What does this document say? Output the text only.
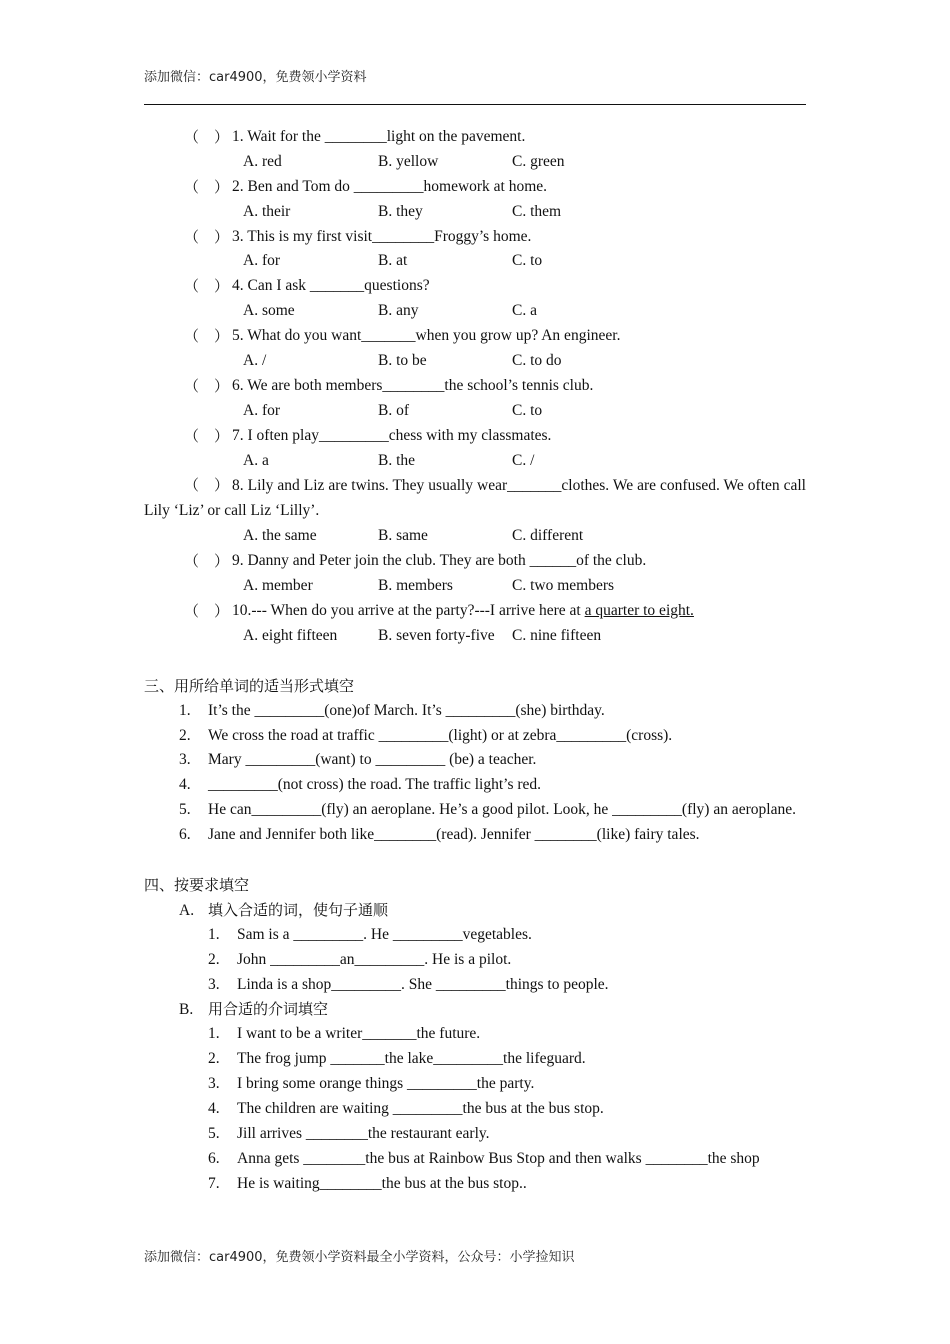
添加微信：car4900，免费领小学资料
（　） 1. Wait for the ________light on the pavement.
A. red	B. yellow	C. green
（　） 2. Ben and Tom do _________homework at home.
A. their	B. they	C. them
（　） 3. This is my first visit________Froggy’s home.
A. for	B. at	C. to
（　） 4. Can I ask _______questions?
A. some	B. any	C. a
（　） 5. What do you want_______when you grow up? An engineer.
A. /	B. to be	C. to do
（　） 6. We are both members________the school’s tennis club.
A. for	B. of	C. to
（　） 7. I often play_________chess with my classmates.
A. a	B. the	C. /
（　） 8. Lily and Liz are twins. They usually wear_______clothes. We are confused. We often call Lily ‘Liz’ or call Liz ‘Lilly’.
A. the same	B. same	C. different
（　） 9. Danny and Peter join the club. They are both ______of the club.
A. member	B. members	C. two members
（　） 10.--- When do you arrive at the party?---I arrive here at a quarter to eight.
A. eight fifteen	B. seven forty-five	C. nine fifteen
三、用所给单词的适当形式填空
1. It’s the _________(one)of March. It’s _________(she) birthday.
2. We cross the road at traffic _________(light) or at zebra_________(cross).
3. Mary _________(want) to _________ (be) a teacher.
4. _________(not cross) the road. The traffic light’s red.
5.	He can_________(fly) an aeroplane. He’s a good pilot. Look, he _________(fly) an aeroplane.
6. Jane and Jennifer both like________(read). Jennifer ________(like) fairy tales.
四、按要求填空
A. 填入合适的词，使句子通顺
1. Sam is a _________. He _________vegetables.
2. John _________an_________. He is a pilot.
3. Linda is a shop_________. She _________things to people.
B. 用合适的介词填空
1. I want to be a writer_______the future.
2. The frog jump _______the lake_________the lifeguard.
3. I bring some orange things _________the party.
4. The children are waiting _________the bus at the bus stop.
5. Jill arrives ________the restaurant early.
6. Anna gets ________the bus at Rainbow Bus Stop and then walks ________the shop
7. He is waiting________the bus at the bus stop..
添加微信：car4900，免费领小学资料最全小学资料，公众号：小学捡知识
